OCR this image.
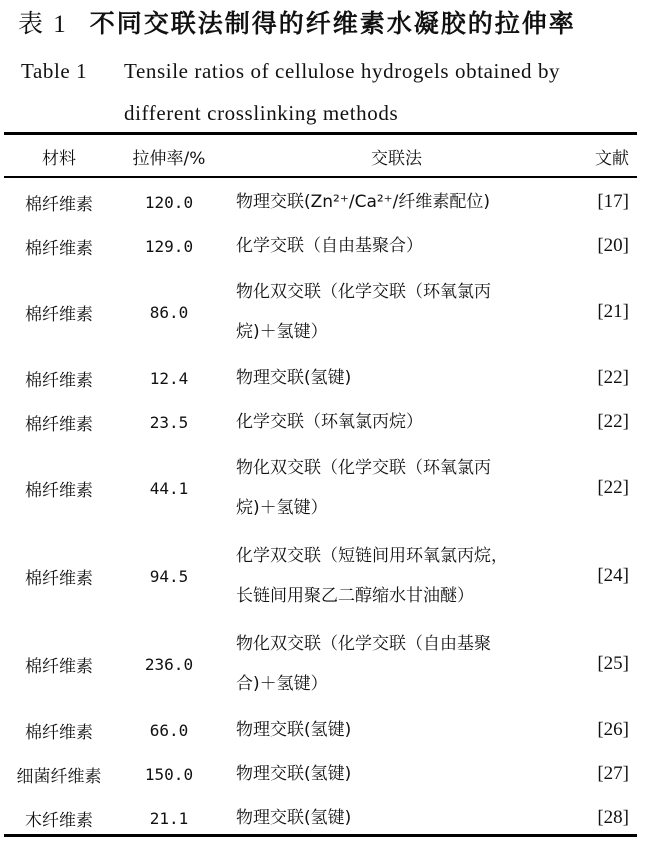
表 1 不同交联法制得的纤维素水凝胶的拉伸率
Table 1 Tensile ratios of cellulose hydrogels obtained by
different crosslinking methods
材料	拉伸率/%	交联法	文献

棉纤维素	120.0	物理交联(Zn²⁺/Ca²⁺/纤维素配位)	[17]
棉纤维素	129.0	化学交联（自由基聚合）	[20]
棉纤维素	86.0	物化双交联（化学交联（环氧氯丙
烷)＋氢键）	[21]
棉纤维素	12.4	物理交联(氢键)	[22]
棉纤维素	23.5	化学交联（环氧氯丙烷）	[22]
棉纤维素	44.1	物化双交联（化学交联（环氧氯丙
烷)＋氢键）	[22]
棉纤维素	94.5	化学双交联（短链间用环氧氯丙烷，
长链间用聚乙二醇缩水甘油醚）	[24]
棉纤维素	236.0	物化双交联（化学交联（自由基聚
合)＋氢键）	[25]
棉纤维素	66.0	物理交联(氢键)	[26]
细菌纤维素	150.0	物理交联(氢键)	[27]
木纤维素	21.1	物理交联(氢键)	[28]
